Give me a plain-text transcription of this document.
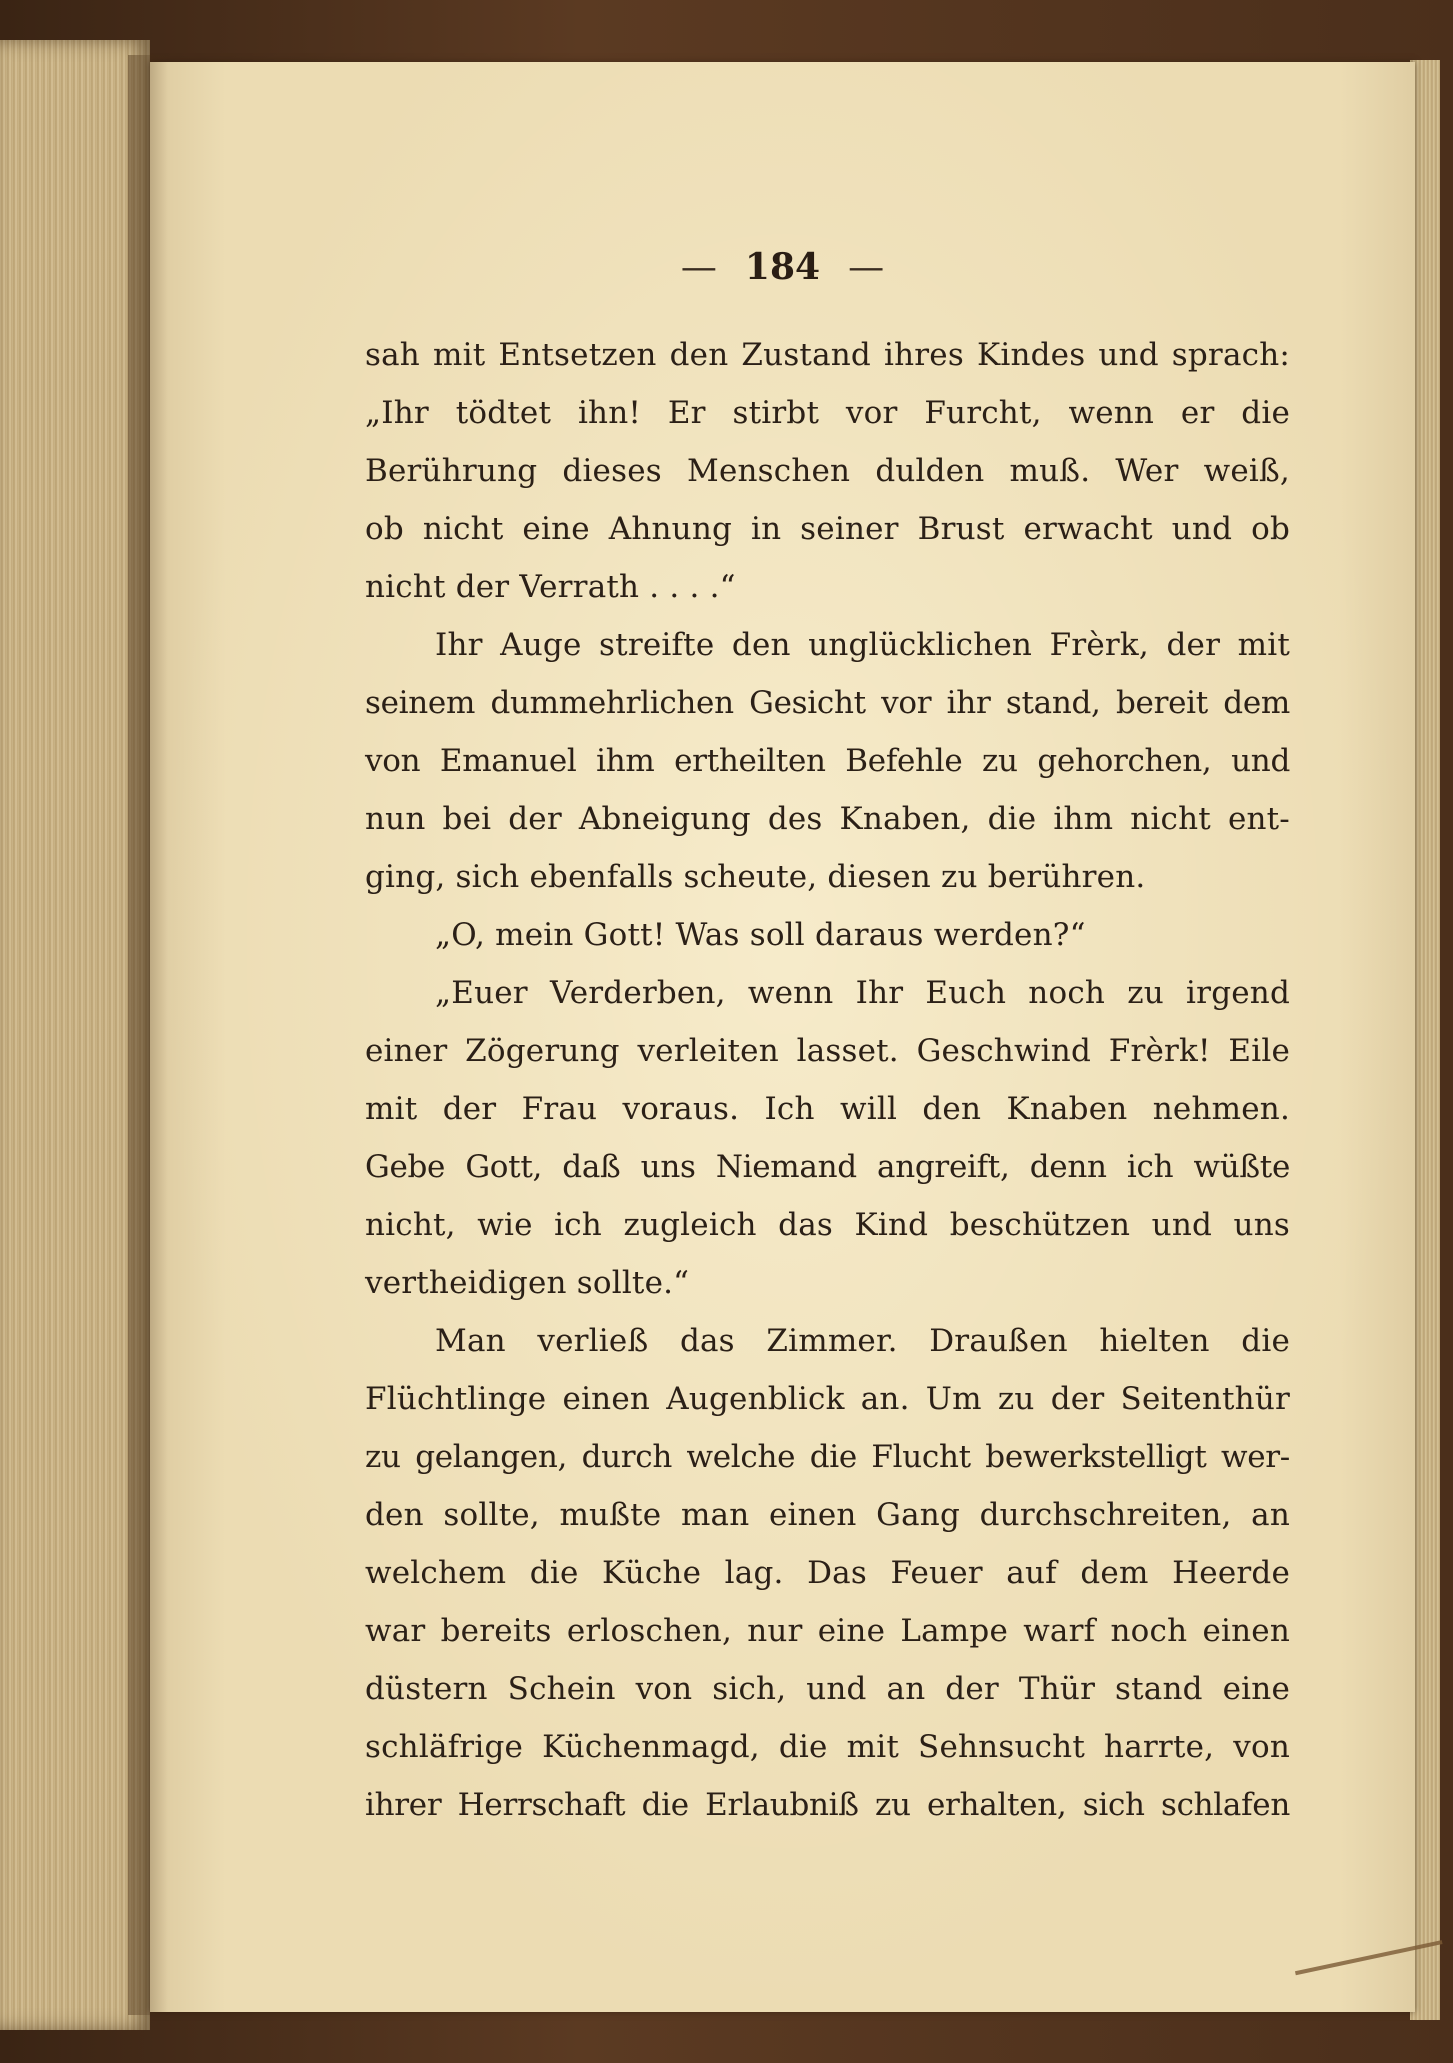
— 184 —
sah mit Entsetzen den Zustand ihres Kindes und sprach:
„Ihr tödtet ihn! Er stirbt vor Furcht, wenn er die
Berührung dieses Menschen dulden muß. Wer weiß,
ob nicht eine Ahnung in seiner Brust erwacht und ob
nicht der Verrath . . . .“
Ihr Auge streifte den unglücklichen Frèrk, der mit
seinem dummehrlichen Gesicht vor ihr stand, bereit dem
von Emanuel ihm ertheilten Befehle zu gehorchen, und
nun bei der Abneigung des Knaben, die ihm nicht ent-
ging, sich ebenfalls scheute, diesen zu berühren.
„O, mein Gott! Was soll daraus werden?“
„Euer Verderben, wenn Ihr Euch noch zu irgend
einer Zögerung verleiten lasset. Geschwind Frèrk! Eile
mit der Frau voraus. Ich will den Knaben nehmen.
Gebe Gott, daß uns Niemand angreift, denn ich wüßte
nicht, wie ich zugleich das Kind beschützen und uns
vertheidigen sollte.“
Man verließ das Zimmer. Draußen hielten die
Flüchtlinge einen Augenblick an. Um zu der Seitenthür
zu gelangen, durch welche die Flucht bewerkstelligt wer-
den sollte, mußte man einen Gang durchschreiten, an
welchem die Küche lag. Das Feuer auf dem Heerde
war bereits erloschen, nur eine Lampe warf noch einen
düstern Schein von sich, und an der Thür stand eine
schläfrige Küchenmagd, die mit Sehnsucht harrte, von
ihrer Herrschaft die Erlaubniß zu erhalten, sich schlafen
